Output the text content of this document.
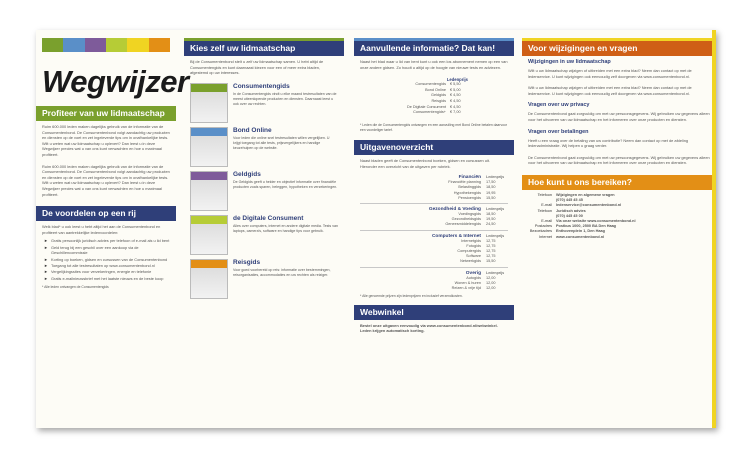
Wegwijzer
Profiteer van uw lidmaatschap
Ruim 600.000 leden maken dagelijks gebruik van de informatie van de Consumentenbond. De Consumentenbond volgt aandachtig uw producten en diensten op de voet en zet ingeleverde tips om in onafhankelijke tests. Wilt u weten wat uw lidmaatschap u oplevert? Dan leest u in deze Wegwijzer precies wat u van ons kunt verwachten en hoe u maximaal profiteert.
Ruim 600.000 leden maken dagelijks gebruik van de informatie van de Consumentenbond. De Consumentenbond volgt aandachtig uw producten en diensten op de voet en zet ingeleverde tips om in onafhankelijke tests. Wilt u weten wat uw lidmaatschap u oplevert? Dan leest u in deze Wegwijzer precies wat u van ons kunt verwachten en hoe u maximaal profiteert.
De voordelen op een rij
Welk blad* u ook leest u hebt altijd het aan de Consumentenbond en profiteert van aantrekkelijke ledenvoordelen:
► Gratis persoonlijk juridisch advies per telefoon of e-mail als u lid bent
► Geld terug bij een geschil over een aankoop via de Geschillencommissie
► Korting op boeken, gidsen en cursussen van de Consumentenbond
► Toegang tot alle testresultaten op www.consumentenbond.nl
► Vergelijkingssites voor verzekeringen, energie en telefonie
► Gratis e-mailnieuwsbrief met het laatste nieuws en de beste koop
* Alle leden ontvangen de Consumentengids
Kies zelf uw lidmaatschap
Bij de Consumentenbond stelt u zelf uw lidmaatschap samen. U hebt altijd de Consumentengids en kunt daarnaast kiezen voor een of meer extra bladen, afgestemd op uw interesses.
Consumentengids
In de Consumentengids vindt u elke maand testresultaten van de meest uiteenlopende producten en diensten. Daarnaast leest u ook over uw rechten.
Bond Online
Voor leden die online snel testresultaten willen vergelijken. U krijgt toegang tot alle tests, prijsvergelijkers en handige keuzehulpen op de website.
Geldgids
De Geldgids geeft u helder en objectief informatie over financiële producten zoals sparen, beleggen, hypotheken en verzekeringen.
de Digitale Consument
Alles over computers, internet en andere digitale media. Tests van laptops, camera's, software en handige tips voor gebruik.
Reisgids
Voor goed voorbereid op reis: informatie over bestemmingen, reisorganisaties, accommodaties en uw rechten als reiziger.
Aanvullende informatie? Dat kan!
Naast het blad waar u lid van bent kunt u ook een los abonnement nemen op een van onze andere gidsen. Zo houdt u altijd op de hoogte van nieuwe tests en adviezen.
Ledenprijs
Consumentengids	€ 5,50
Bond Online	€ 5,00
Geldgids	€ 4,50
Reisgids	€ 4,50
De Digitale Consument	€ 4,50
Consumentengids+	€ 7,00
* Leden die de Consumentengids ontvangen en een aanvulling met Bond Online betalen daarvoor een voordeliger tarief.
Uitgavenoverzicht
Naast bladen geeft de Consumentenbond boeken, gidsen en cursussen uit. Hieronder een overzicht van de uitgaven per rubriek.
Financiën	Ledenprijs
Financiële planning	17,50
Belastinggids	18,50
Hypothekengids	19,95
Pensioengids	15,50
Gezondheid & Voeding	Ledenprijs
Voedingsgids	18,50
Gezondheidsgids	19,50
Geneesmiddelengids	24,50
Computers & Internet	Ledenprijs
Internetgids	12,75
Fotogids	12,75
Computergids	12,75
Software	12,75
Netwerkgids	15,50
Overig	Ledenprijs
Autogids	12,00
Wonen & huren	12,00
Reizen & vrije tijd	12,00
* Alle genoemde prijzen zijn ledenprijzen en inclusief verzendkosten.
Webwinkel
Bestel onze uitgaven eenvoudig via www.consumentenbond.nl/webwinkel. Leden krijgen automatisch korting.
Voor wijzigingen en vragen
Wijzigingen in uw lidmaatschap
Wilt u uw lidmaatschap wijzigen of uitbreiden met een extra blad? Neem dan contact op met de ledenservice. U kunt wijzigingen ook eenvoudig zelf doorgeven via www.consumentenbond.nl.
Wilt u uw lidmaatschap wijzigen of uitbreiden met een extra blad? Neem dan contact op met de ledenservice. U kunt wijzigingen ook eenvoudig zelf doorgeven via www.consumentenbond.nl.
Vragen over uw privacy
De Consumentenbond gaat zorgvuldig om met uw persoonsgegevens. Wij gebruiken uw gegevens alleen voor het uitvoeren van uw lidmaatschap en het informeren over onze producten en diensten.
Vragen over betalingen
Heeft u een vraag over de betaling van uw contributie? Neem dan contact op met de afdeling ledenadministratie. Wij helpen u graag verder.
De Consumentenbond gaat zorgvuldig om met uw persoonsgegevens. Wij gebruiken uw gegevens alleen voor het uitvoeren van uw lidmaatschap en het informeren over onze producten en diensten.
Hoe kunt u ons bereiken?
Telefoon	Wijzigingen en algemene vragen
(070) 445 45 45
E-mail	ledenservice@consumentenbond.nl
Telefoon	Juridisch advies
(070) 445 45 00
E-mail	Via onze website www.consumentenbond.nl
Postadres	Postbus 1000, 2500 BA Den Haag
Bezoekadres	Enthovenplein 1, Den Haag
Internet	www.consumentenbond.nl
